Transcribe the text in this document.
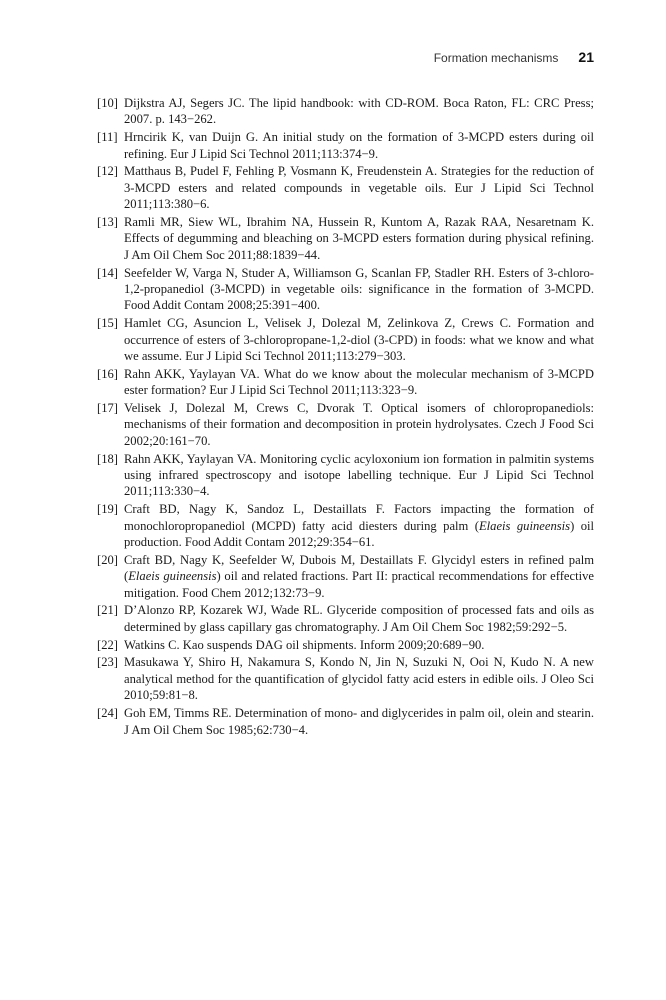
Formation mechanisms 21
[10] Dijkstra AJ, Segers JC. The lipid handbook: with CD-ROM. Boca Raton, FL: CRC Press; 2007. p. 143−262.
[11] Hrncirik K, van Duijn G. An initial study on the formation of 3-MCPD esters during oil refining. Eur J Lipid Sci Technol 2011;113:374−9.
[12] Matthaus B, Pudel F, Fehling P, Vosmann K, Freudenstein A. Strategies for the reduction of 3-MCPD esters and related compounds in vegetable oils. Eur J Lipid Sci Technol 2011;113:380−6.
[13] Ramli MR, Siew WL, Ibrahim NA, Hussein R, Kuntom A, Razak RAA, Nesaretnam K. Effects of degumming and bleaching on 3-MCPD esters formation during physical refining. J Am Oil Chem Soc 2011;88:1839−44.
[14] Seefelder W, Varga N, Studer A, Williamson G, Scanlan FP, Stadler RH. Esters of 3-chloro-1,2-propanediol (3-MCPD) in vegetable oils: significance in the formation of 3-MCPD. Food Addit Contam 2008;25:391−400.
[15] Hamlet CG, Asuncion L, Velisek J, Dolezal M, Zelinkova Z, Crews C. Formation and occurrence of esters of 3-chloropropane-1,2-diol (3-CPD) in foods: what we know and what we assume. Eur J Lipid Sci Technol 2011;113:279−303.
[16] Rahn AKK, Yaylayan VA. What do we know about the molecular mechanism of 3-MCPD ester formation? Eur J Lipid Sci Technol 2011;113:323−9.
[17] Velisek J, Dolezal M, Crews C, Dvorak T. Optical isomers of chloropropanediols: mechanisms of their formation and decomposition in protein hydrolysates. Czech J Food Sci 2002;20:161−70.
[18] Rahn AKK, Yaylayan VA. Monitoring cyclic acyloxonium ion formation in palmitin systems using infrared spectroscopy and isotope labelling technique. Eur J Lipid Sci Technol 2011;113:330−4.
[19] Craft BD, Nagy K, Sandoz L, Destaillats F. Factors impacting the formation of monochloropropanediol (MCPD) fatty acid diesters during palm (Elaeis guineensis) oil production. Food Addit Contam 2012;29:354−61.
[20] Craft BD, Nagy K, Seefelder W, Dubois M, Destaillats F. Glycidyl esters in refined palm (Elaeis guineensis) oil and related fractions. Part II: practical recommendations for effective mitigation. Food Chem 2012;132:73−9.
[21] D’Alonzo RP, Kozarek WJ, Wade RL. Glyceride composition of processed fats and oils as determined by glass capillary gas chromatography. J Am Oil Chem Soc 1982;59:292−5.
[22] Watkins C. Kao suspends DAG oil shipments. Inform 2009;20:689−90.
[23] Masukawa Y, Shiro H, Nakamura S, Kondo N, Jin N, Suzuki N, Ooi N, Kudo N. A new analytical method for the quantification of glycidol fatty acid esters in edible oils. J Oleo Sci 2010;59:81−8.
[24] Goh EM, Timms RE. Determination of mono- and diglycerides in palm oil, olein and stearin. J Am Oil Chem Soc 1985;62:730−4.
